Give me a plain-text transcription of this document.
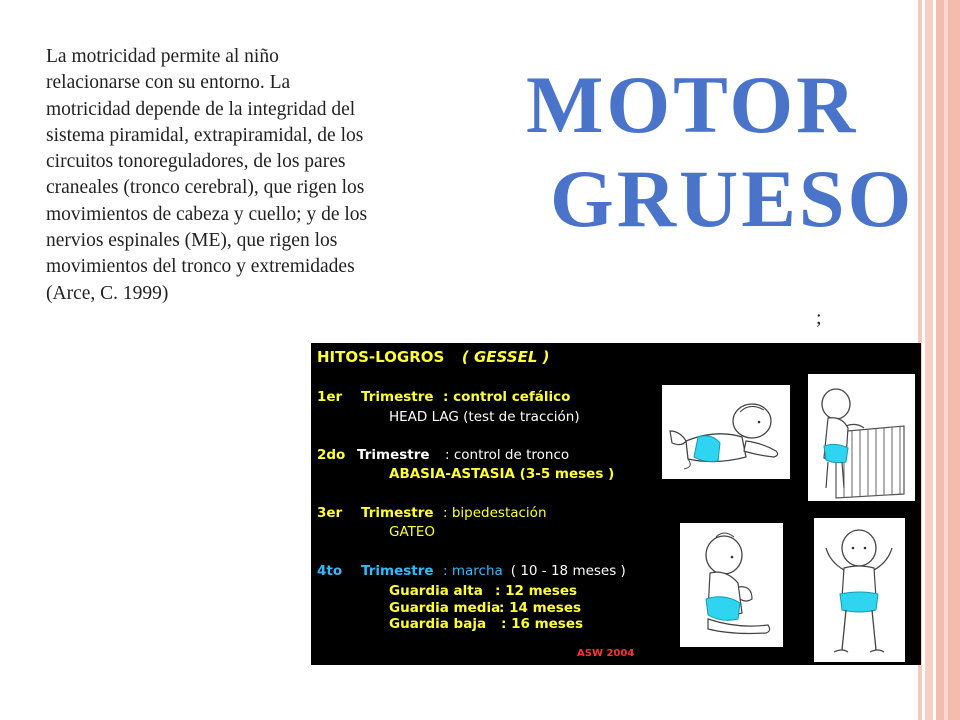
La motricidad permite al niño
relacionarse con su entorno. La
motricidad depende de la integridad del
sistema piramidal, extrapiramidal, de los
circuitos tonoreguladores, de los pares
craneales (tronco cerebral), que rigen los
movimientos de cabeza y cuello; y de los
nervios espinales (ME), que rigen los
movimientos del tronco y extremidades
(Arce, C. 1999)

MOTOR
GRUESO
;
HITOS-LOGROS ( GESSEL )
1er Trimestre : control cefálico
HEAD LAG (test de tracción)
2do Trimestre : control de tronco
ABASIA-ASTASIA (3-5 meses )
3er Trimestre : bipedestación
GATEO
4to Trimestre : marcha ( 10 - 18 meses )
Guardia alta : 12 meses
Guardia media: 14 meses
Guardia baja : 16 meses
ASW 2004
